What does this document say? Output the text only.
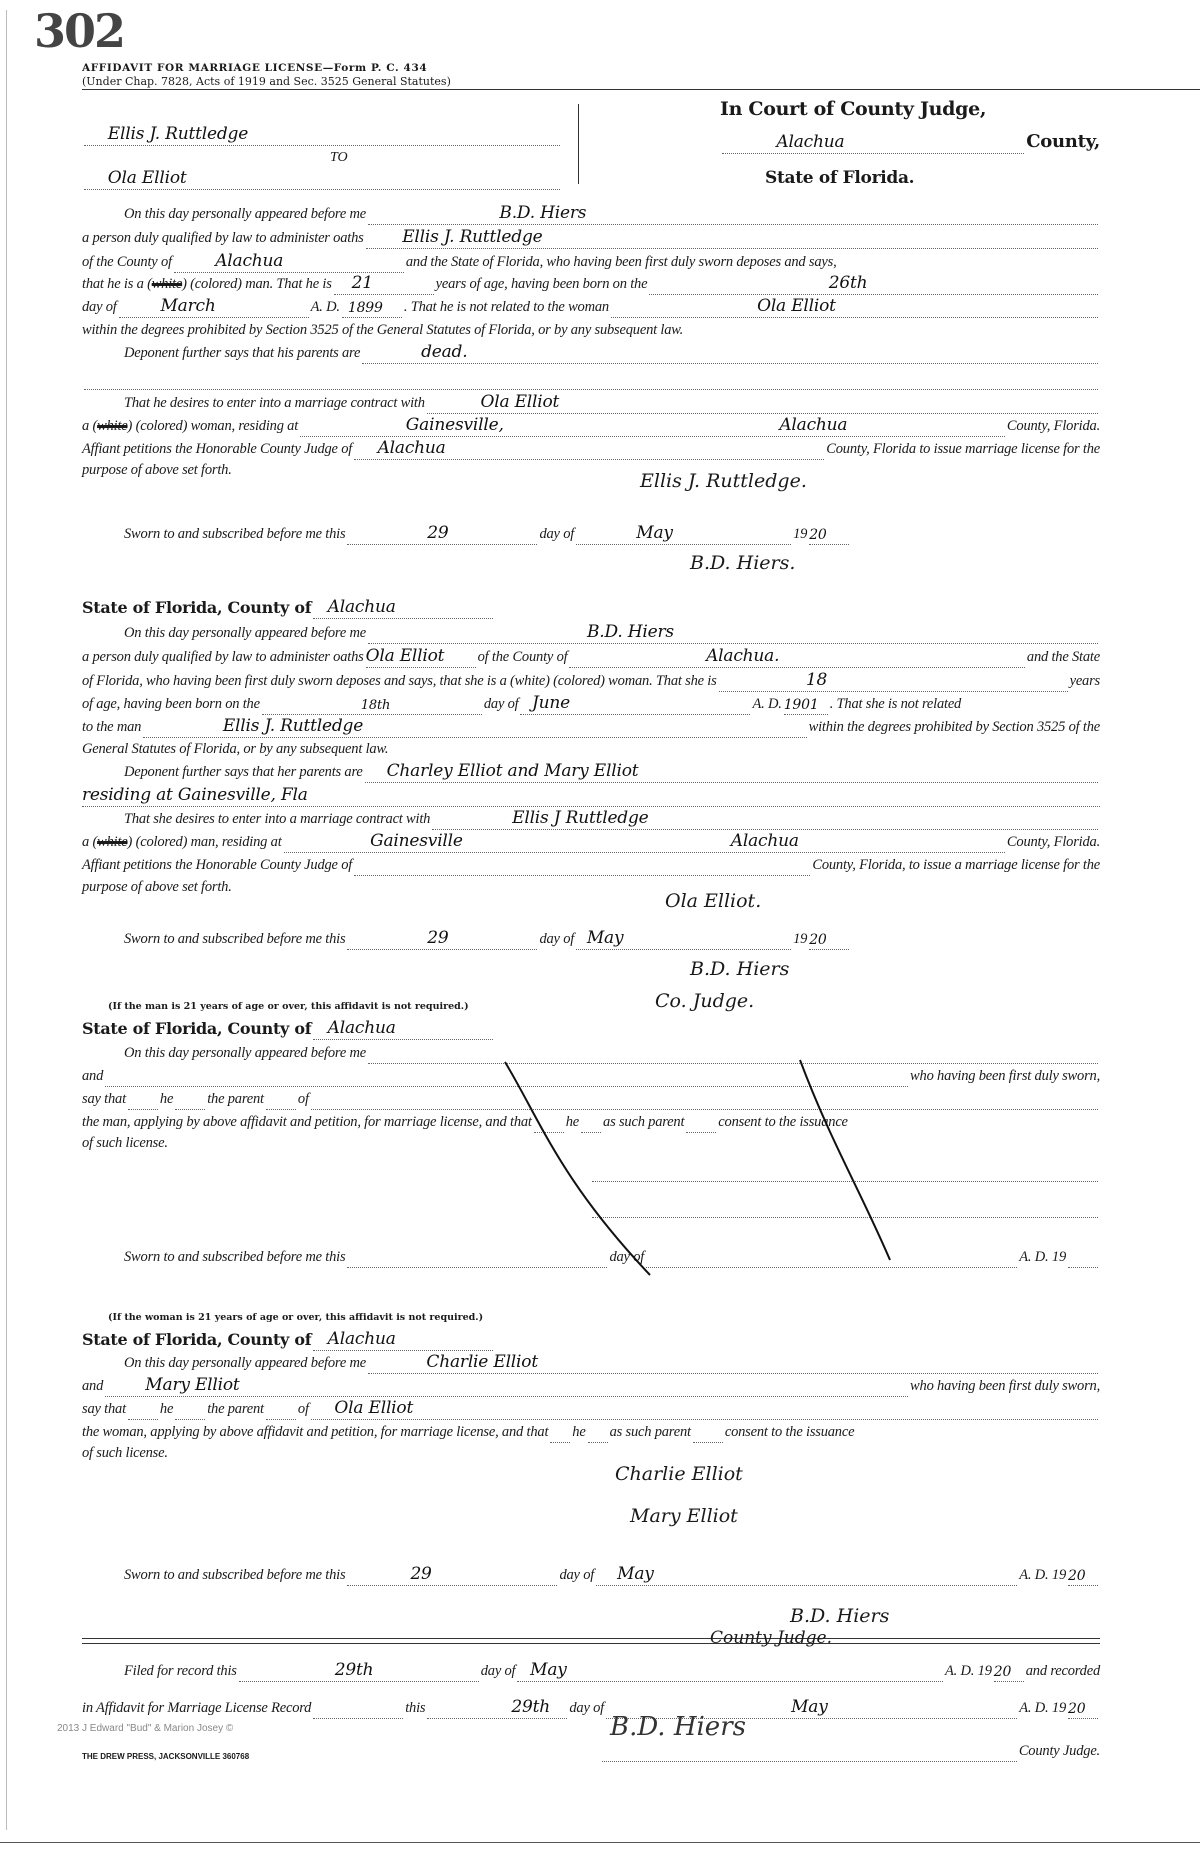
302
AFFIDAVIT FOR MARRIAGE LICENSE—Form P. C. 434
(Under Chap. 7828, Acts of 1919 and Sec. 3525 General Statutes)
Ellis J. Ruttledge
TO
Ola Elliot
In Court of County Judge,
Alachua	County,
State of Florida.
On this day personally appeared before me	B.D. Hiers
a person duly qualified by law to administer oaths Ellis J. Ruttledge
of the County of	Alachua	and the State of Florida, who having been first duly sworn deposes and says,
that he is a ( white ) (colored) man. That he is 21	years of age, having been born on the	26th
day of	March	A. D. 1899 . That he is not related to the woman	Ola Elliot
within the degrees prohibited by Section 3525 of the General Statutes of Florida, or by any subsequent law.
Deponent further says that his parents are	dead.
That he desires to enter into a marriage contract with	Ola Elliot
a ( white ) (colored) woman, residing at	Gainesville,	Alachua	County, Florida.
Affiant petitions the Honorable County Judge of Alachua	County, Florida to issue marriage license for the
purpose of above set forth.	Ellis J. Ruttledge.
Sworn to and subscribed before me this	29	day of	May	19 20
B.D. Hiers.
State of Florida, County of Alachua
On this day personally appeared before me	B.D. Hiers
a person duly qualified by law to administer oaths Ola Elliot of the County of	Alachua.	and the State
of Florida, who having been first duly sworn deposes and says, that she is a (white) (colored) woman. That she is	18	years
of age, having been born on the	18th	day of June	A. D. 1901 . That she is not related
to the man	Ellis J. Ruttledge	within the degrees prohibited by Section 3525 of the
General Statutes of Florida, or by any subsequent law.
Deponent further says that her parents are Charley Elliot and Mary Elliot
residing at Gainesville, Fla
That she desires to enter into a marriage contract with	Ellis J Ruttledge
a ( white ) (colored) man, residing at	Gainesville	Alachua	County, Florida.
Affiant petitions the Honorable County Judge of	County, Florida, to issue a marriage license for the
purpose of above set forth.
Ola Elliot.
Sworn to and subscribed before me this	29	day of May	19 20
B.D. Hiers
(If the man is 21 years of age or over, this affidavit is not required.)	Co. Judge.
State of Florida, County of Alachua
On this day personally appeared before me
and	who having been first duly sworn,
say that he the parent of
the man, applying by above affidavit and petition, for marriage license, and that he as such parent consent to the issuance
of such license.
Sworn to and subscribed before me this	day of	A. D. 19
(If the woman is 21 years of age or over, this affidavit is not required.)
State of Florida, County of Alachua
On this day personally appeared before me	Charlie Elliot
and Mary Elliot	who having been first duly sworn,
say that he the parent of Ola Elliot
the woman, applying by above affidavit and petition, for marriage license, and that he as such parent consent to the issuance
of such license.
Charlie Elliot
Mary Elliot
Sworn to and subscribed before me this	29	day of May	A. D. 19 20
B.D. Hiers
County Judge.
Filed for record this	29th	day of May	A. D. 19 20 and recorded
in Affidavit for Marriage License Record	this	29th day of	May	A. D. 19 20
B.D. Hiers
County Judge.
2013 J Edward "Bud" & Marion Josey ©
THE DREW PRESS, JACKSONVILLE 360768
